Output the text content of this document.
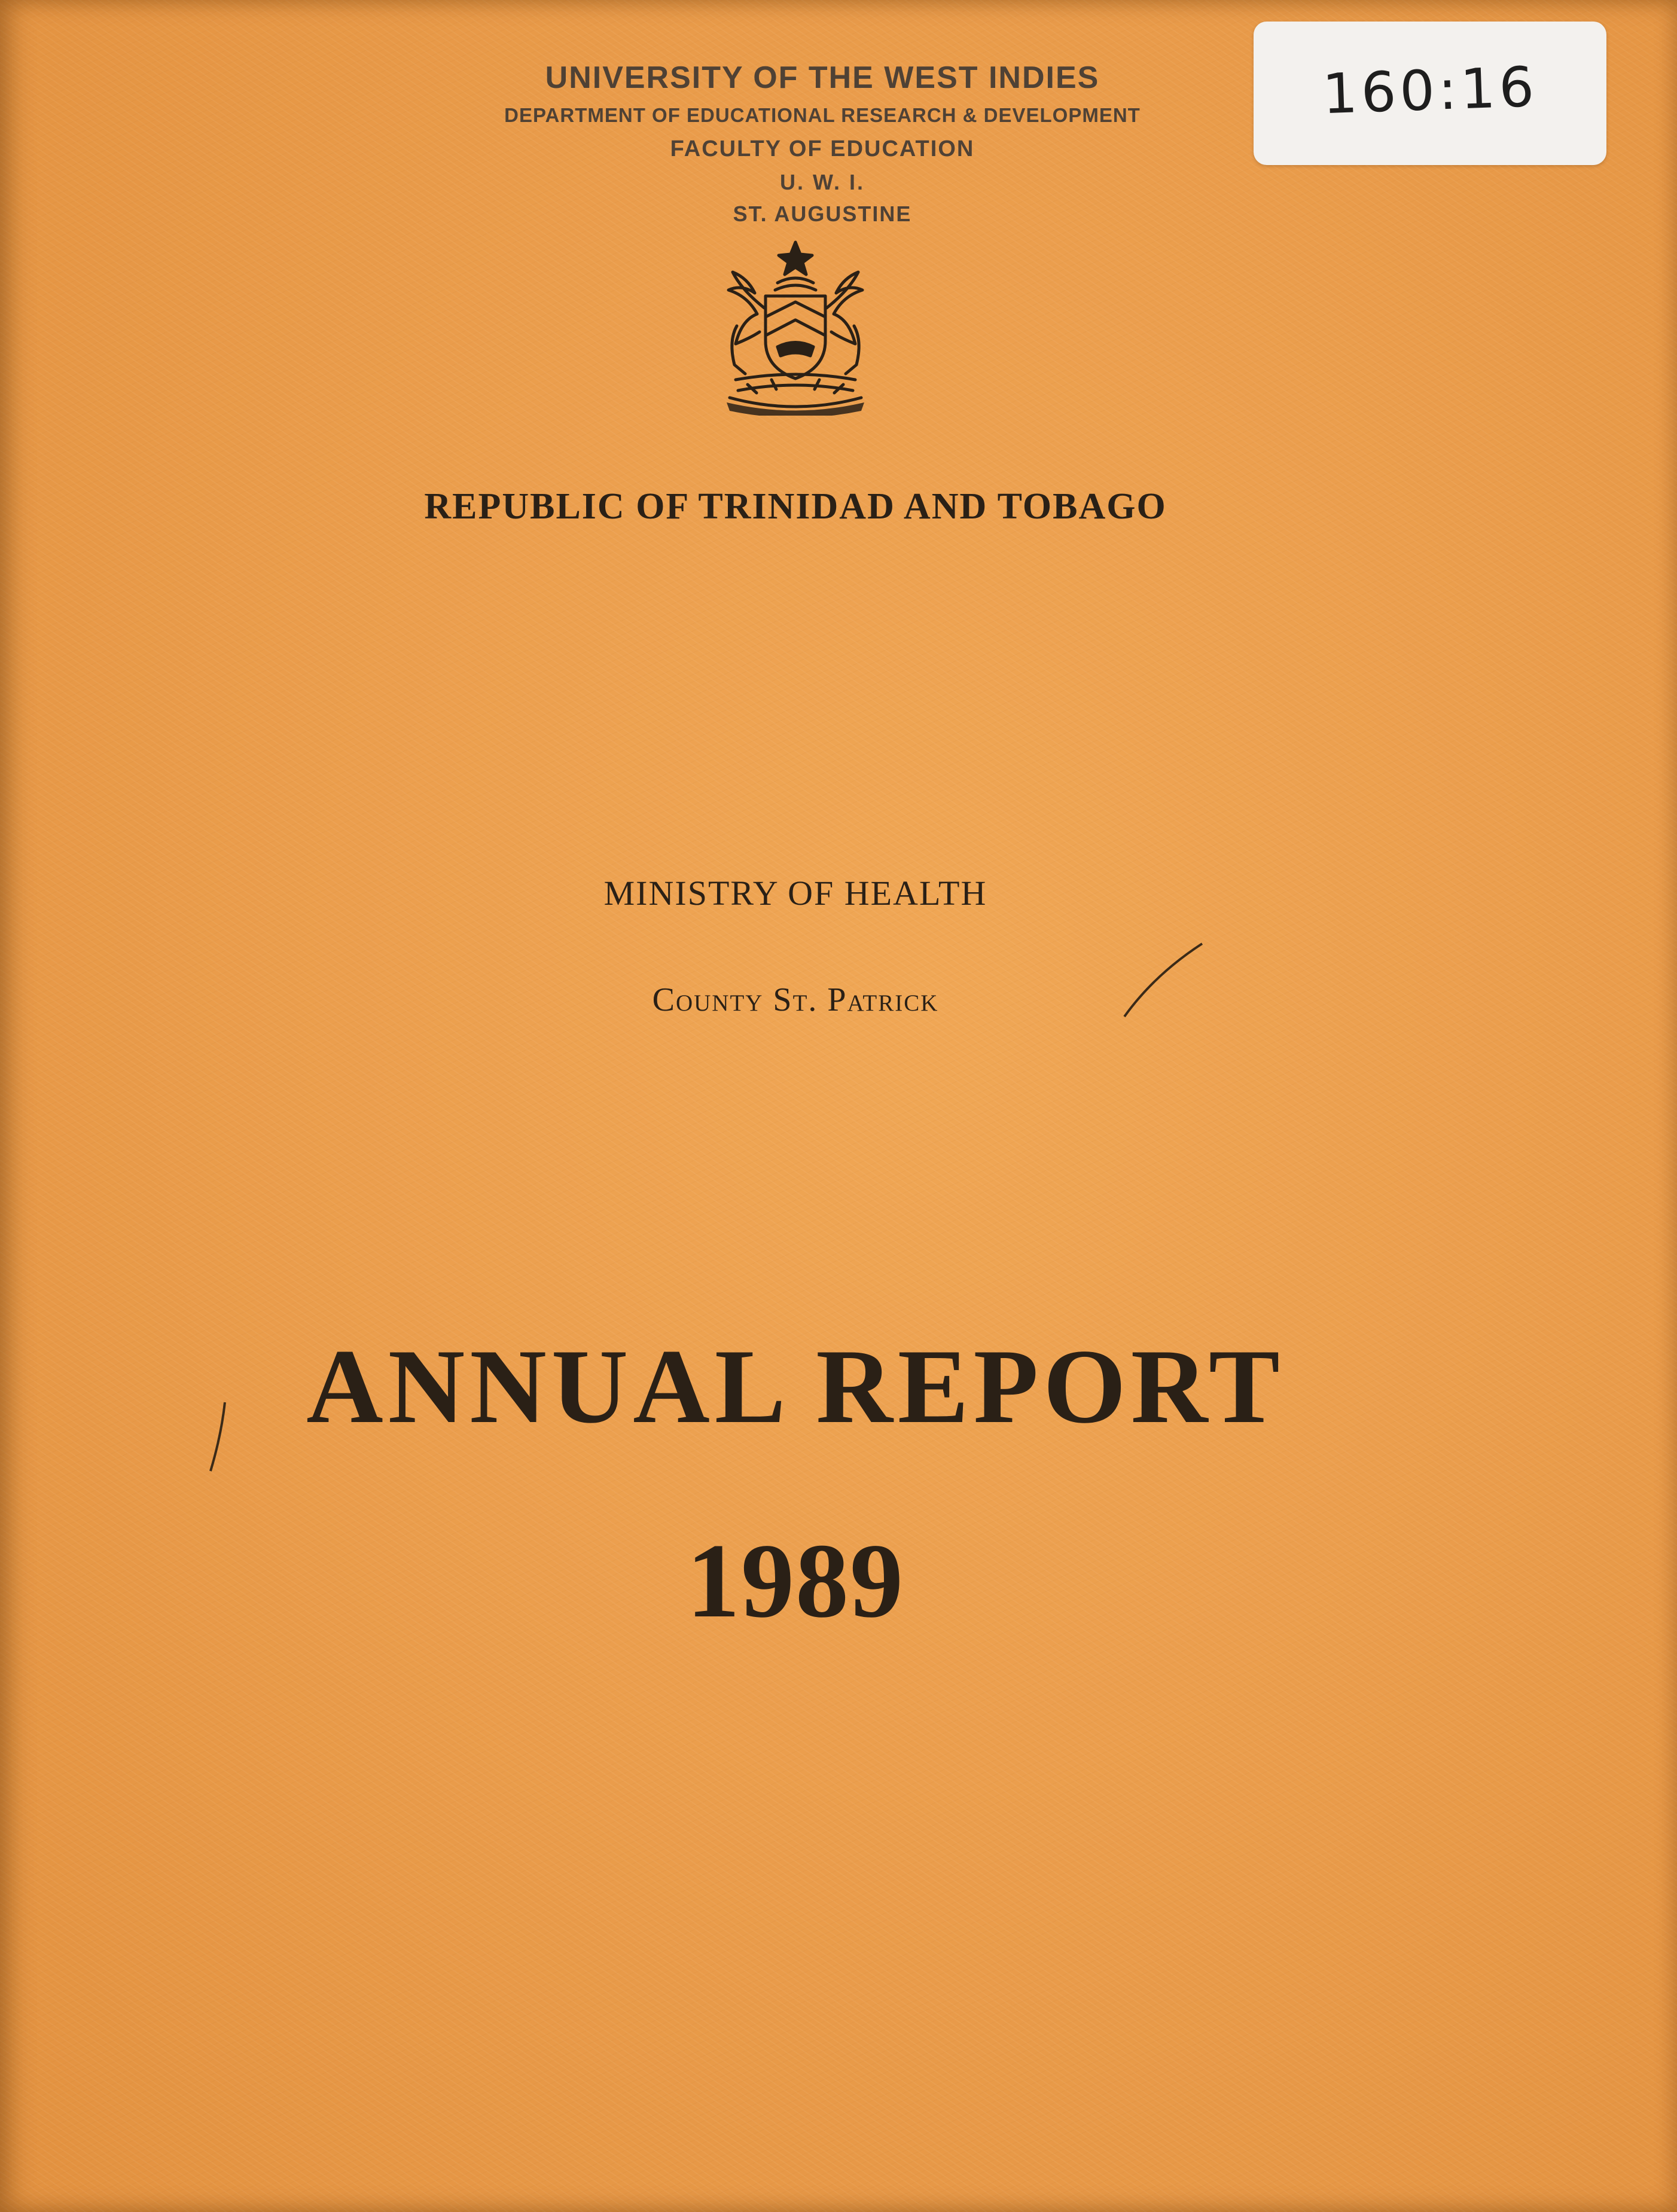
UNIVERSITY OF THE WEST INDIES
DEPARTMENT OF EDUCATIONAL RESEARCH & DEVELOPMENT
FACULTY OF EDUCATION
U. W. I.
ST. AUGUSTINE
160:16
REPUBLIC OF TRINIDAD AND TOBAGO
MINISTRY OF HEALTH
County St. Patrick
ANNUAL REPORT
1989
